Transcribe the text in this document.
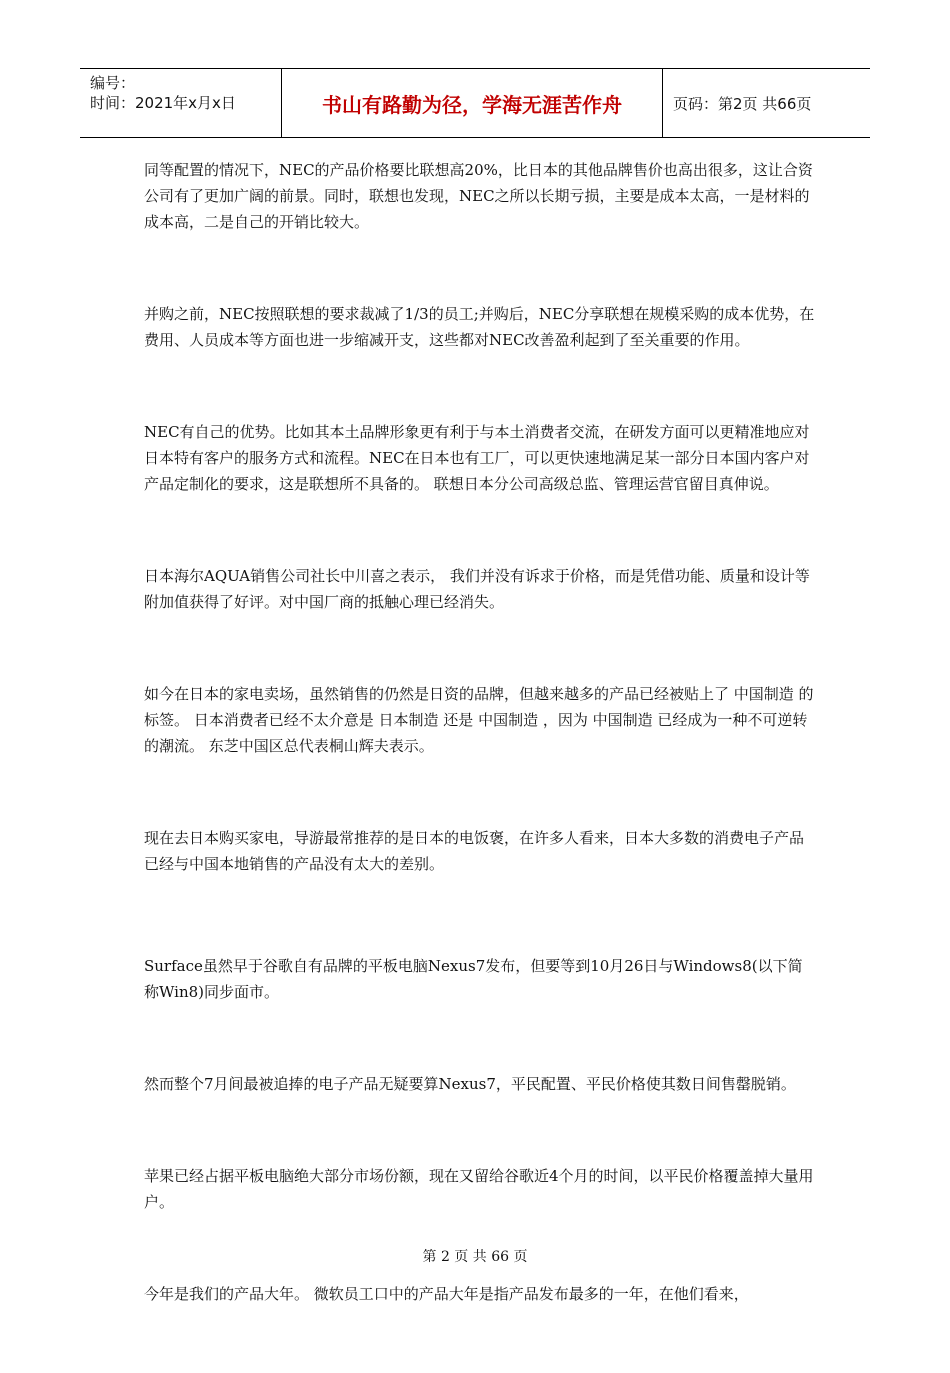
编号：
时间：2021年x月x日	书山有路勤为径，学海无涯苦作舟	页码：第2页 共66页

同等配置的情况下，NEC的产品价格要比联想高20%，比日本的其他品牌售价也高出很多，这让合资公司有了更加广阔的前景。同时，联想也发现，NEC之所以长期亏损，主要是成本太高，一是材料的成本高，二是自己的开销比较大。

并购之前，NEC按照联想的要求裁减了1/3的员工;并购后，NEC分享联想在规模采购的成本优势，在费用、人员成本等方面也进一步缩减开支，这些都对NEC改善盈利起到了至关重要的作用。

NEC有自己的优势。比如其本土品牌形象更有利于与本土消费者交流，在研发方面可以更精准地应对日本特有客户的服务方式和流程。NEC在日本也有工厂，可以更快速地满足某一部分日本国内客户对产品定制化的要求，这是联想所不具备的。 联想日本分公司高级总监、管理运营官留目真伸说。

日本海尔AQUA销售公司社长中川喜之表示， 我们并没有诉求于价格，而是凭借功能、质量和设计等附加值获得了好评。对中国厂商的抵触心理已经消失。

如今在日本的家电卖场，虽然销售的仍然是日资的品牌，但越来越多的产品已经被贴上了 中国制造 的标签。 日本消费者已经不太介意是 日本制造 还是 中国制造 ，因为 中国制造 已经成为一种不可逆转的潮流。 东芝中国区总代表桐山辉夫表示。

现在去日本购买家电，导游最常推荐的是日本的电饭褒，在许多人看来，日本大多数的消费电子产品已经与中国本地销售的产品没有太大的差别。

Surface虽然早于谷歌自有品牌的平板电脑Nexus7发布，但要等到10月26日与Windows8(以下简称Win8)同步面市。

然而整个7月间最被追捧的电子产品无疑要算Nexus7，平民配置、平民价格使其数日间售罄脱销。

苹果已经占据平板电脑绝大部分市场份额，现在又留给谷歌近4个月的时间，以平民价格覆盖掉大量用户。

今年是我们的产品大年。 微软员工口中的产品大年是指产品发布最多的一年，在他们看来，

第 2 页 共 66 页
